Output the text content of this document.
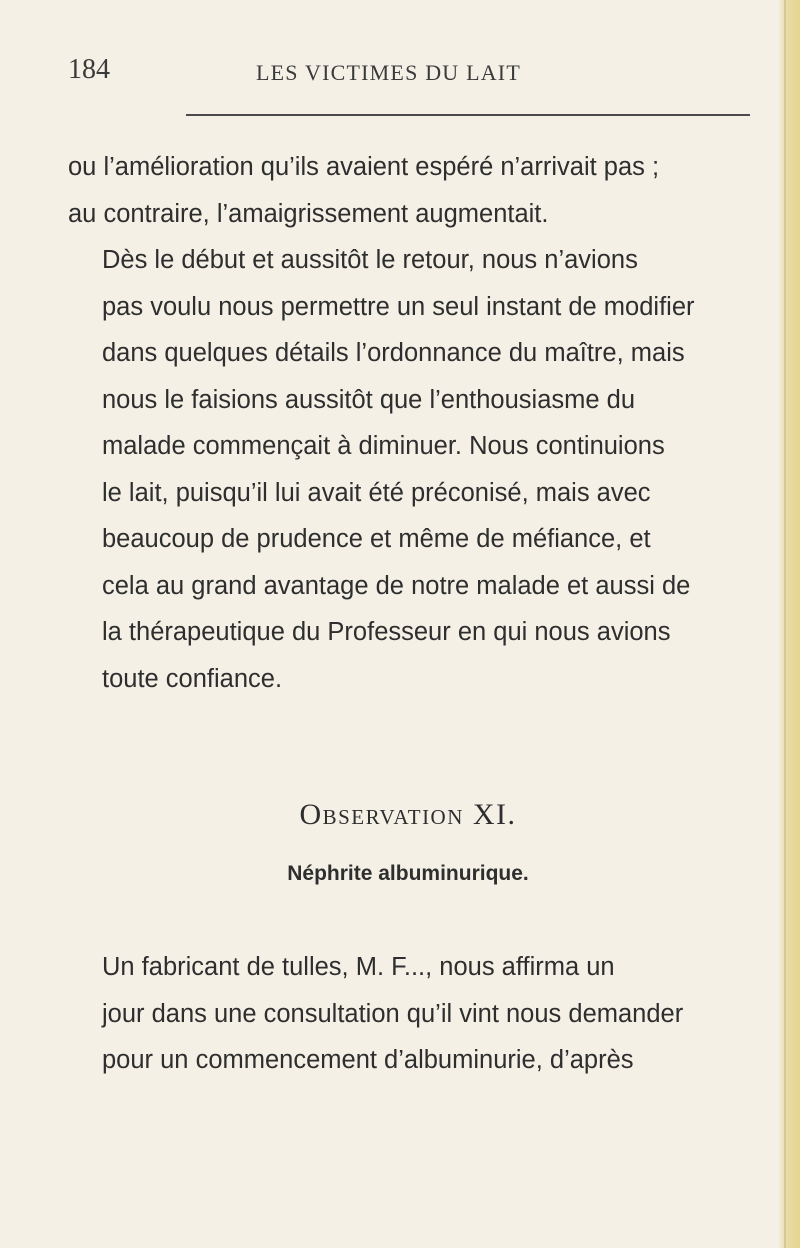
184	LES VICTIMES DU LAIT

ou l’amélioration qu’ils avaient espéré n’arrivait pas ;
au contraire, l’amaigrissement augmentait.

Dès le début et aussitôt le retour, nous n’avions
pas voulu nous permettre un seul instant de modifier
dans quelques détails l’ordonnance du maître, mais
nous le faisions aussitôt que l’enthousiasme du
malade commençait à diminuer. Nous continuions
le lait, puisqu’il lui avait été préconisé, mais avec
beaucoup de prudence et même de méfiance, et
cela au grand avantage de notre malade et aussi de
la thérapeutique du Professeur en qui nous avions
toute confiance.

Observation XI.
Néphrite albuminurique.

Un fabricant de tulles, M. F..., nous affirma un
jour dans une consultation qu’il vint nous demander
pour un commencement d’albuminurie, d’après
